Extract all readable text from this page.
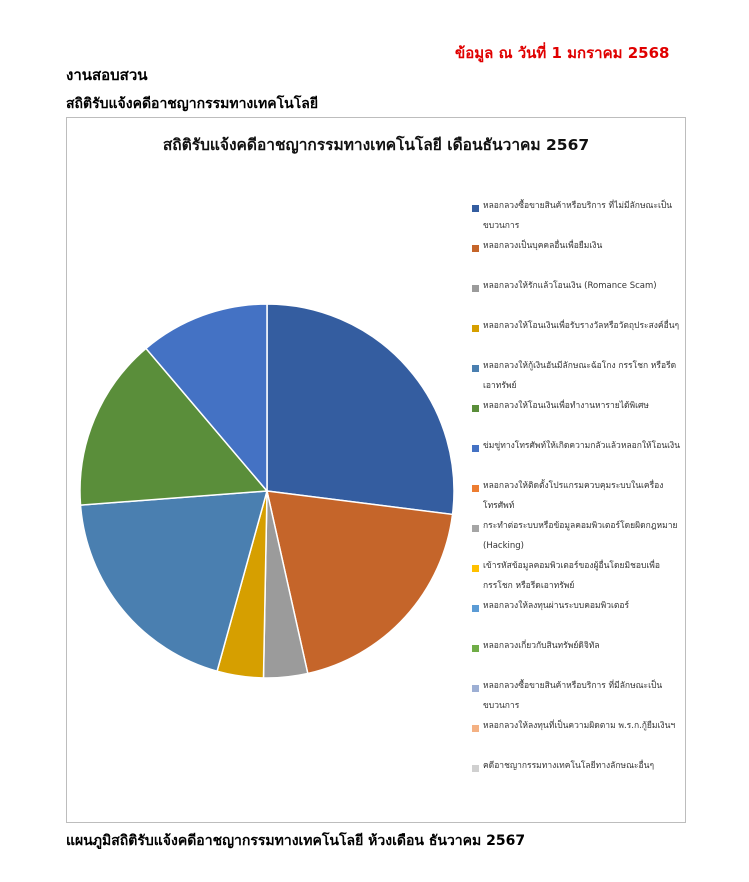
ข้อมูล ณ วันที่ 1 มกราคม 2568
งานสอบสวน
สถิติรับแจ้งคดีอาชญากรรมทางเทคโนโลยี
สถิติรับแจ้งคดีอาชญากรรมทางเทคโนโลยี เดือนธันวาคม 2567
หลอกลวงซื้อขายสินค้าหรือบริการ ที่ไม่มีลักษณะเป็นขบวนการ
หลอกลวงเป็นบุคคลอื่นเพื่อยืมเงิน
หลอกลวงให้รักแล้วโอนเงิน (Romance Scam)
หลอกลวงให้โอนเงินเพื่อรับรางวัลหรือวัตถุประสงค์อื่นๆ
หลอกลวงให้กู้เงินอันมีลักษณะฉ้อโกง กรรโชก หรือรีดเอาทรัพย์
หลอกลวงให้โอนเงินเพื่อทำงานหารายได้พิเศษ
ข่มขู่ทางโทรศัพท์ให้เกิดความกลัวแล้วหลอกให้โอนเงิน
หลอกลวงให้ติดตั้งโปรแกรมควบคุมระบบในเครื่องโทรศัพท์
กระทำต่อระบบหรือข้อมูลคอมพิวเตอร์โดยผิดกฎหมาย (Hacking)
เข้ารหัสข้อมูลคอมพิวเตอร์ของผู้อื่นโดยมิชอบเพื่อกรรโชก หรือรีดเอาทรัพย์
หลอกลวงให้ลงทุนผ่านระบบคอมพิวเตอร์
หลอกลวงเกี่ยวกับสินทรัพย์ดิจิทัล
หลอกลวงซื้อขายสินค้าหรือบริการ ที่มีลักษณะเป็นขบวนการ
หลอกลวงให้ลงทุนที่เป็นความผิดตาม พ.ร.ก.กู้ยืมเงินฯ
คดีอาชญากรรมทางเทคโนโลยีทางลักษณะอื่นๆ
แผนภูมิสถิติรับแจ้งคดีอาชญากรรมทางเทคโนโลยี ห้วงเดือน ธันวาคม 2567
